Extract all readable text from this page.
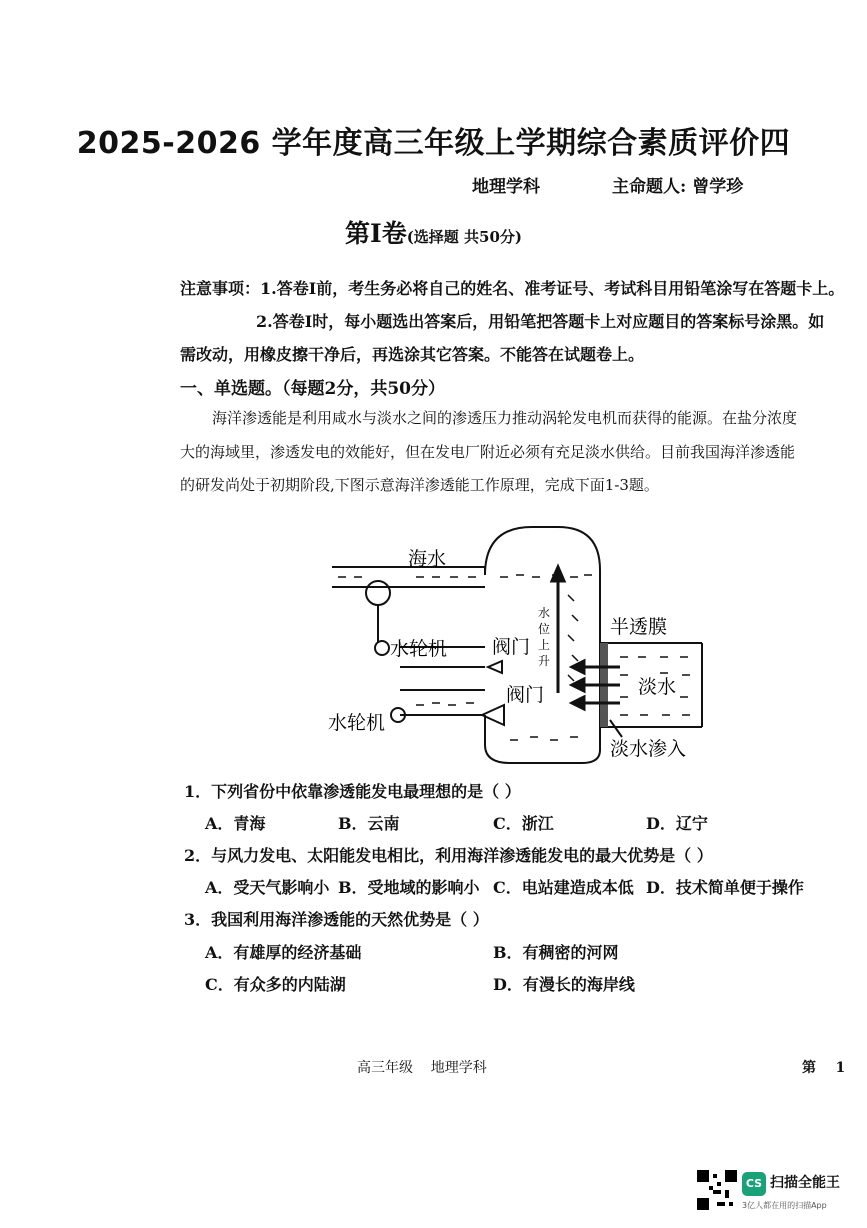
2025-2026 学年度高三年级上学期综合素质评价四
地理学科	主命题人: 曾学珍
第Ⅰ卷(选择题 共50分)
注意事项：1.答卷Ⅰ前，考生务必将自己的姓名、准考证号、考试科目用铅笔涂写在答题卡上。
2.答卷Ⅰ时，每小题选出答案后，用铅笔把答题卡上对应题目的答案标号涂黑。如
需改动，用橡皮擦干净后，再选涂其它答案。不能答在试题卷上。
一、单选题。（每题2分，共50分）
海洋渗透能是利用咸水与淡水之间的渗透压力推动涡轮发电机而获得的能源。在盐分浓度
大的海域里，渗透发电的效能好，但在发电厂附近必须有充足淡水供给。目前我国海洋渗透能
的研发尚处于初期阶段,下图示意海洋渗透能工作原理，完成下面1-3题。
海水
水轮机
水轮机
阀门
阀门
水
位
上
升
半透膜
淡水
淡水渗入
1．下列省份中依靠渗透能发电最理想的是（ ）
A．青海	B．云南	C．浙江	D．辽宁
2．与风力发电、太阳能发电相比，利用海洋渗透能发电的最大优势是（ ）
A．受天气影响小 B．受地域的影响小 C．电站建造成本低 D．技术简单便于操作
3．我国利用海洋渗透能的天然优势是（ ）
A．有雄厚的经济基础	B．有稠密的河网
C．有众多的内陆湖	D．有漫长的海岸线
高三年级    地理学科	第    1
CS 扫描全能王
3亿人都在用的扫描App
